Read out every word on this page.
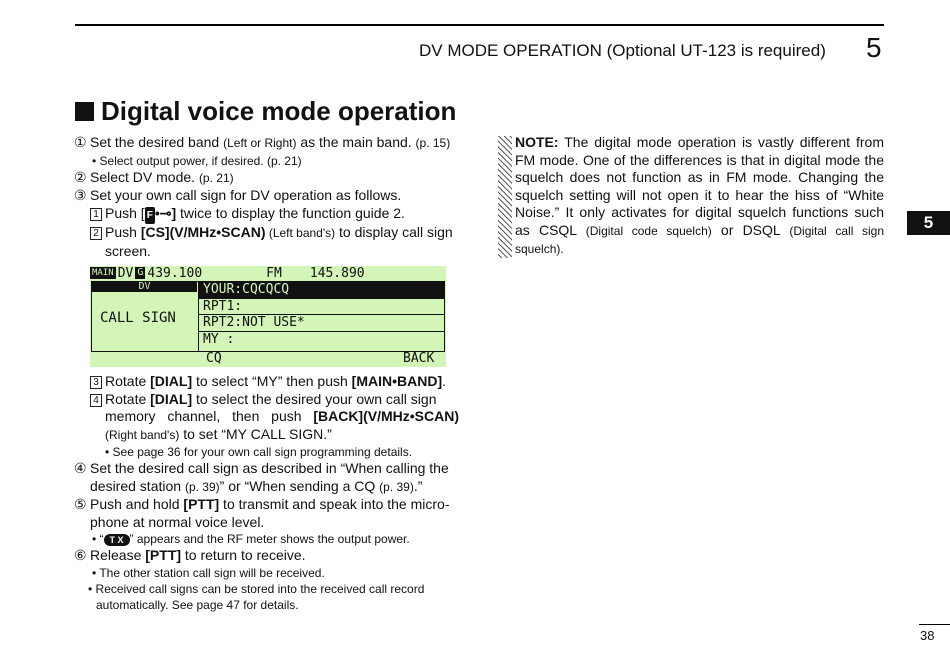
DV MODE OPERATION (Optional UT-123 is required) 5
Digital voice mode operation
5
① Set the desired band (Left or Right) as the main band. (p. 15)
• Select output power, if desired. (p. 21)
② Select DV mode. (p. 21)
③ Set your own call sign for DV operation as follows.
1 Push [ F •⊸] twice to display the function guide 2.
2 Push [CS](V/MHz•SCAN) (Left band's) to display call sign
screen.
MAIN DV G 439.100	FM 145.890
DV
CALL SIGN
YOUR:CQCQCQ
RPT1:
RPT2:NOT USE*
MY :
CQ	BACK
3 Rotate [DIAL] to select “MY” then push [MAIN•BAND].
4 Rotate [DIAL] to select the desired your own call sign
memory channel, then push [BACK](V/MHz•SCAN)
(Right band's) to set “MY CALL SIGN.”
• See page 36 for your own call sign programming details.
④ Set the desired call sign as described in “When calling the
desired station (p. 39)” or “When sending a CQ (p. 39).”
⑤ Push and hold [PTT] to transmit and speak into the micro-
phone at normal voice level.
• “ T X ” appears and the RF meter shows the output power.
⑥ Release [PTT] to return to receive.
• The other station call sign will be received.
• Received call signs can be stored into the received call record automatically. See page 47 for details.
NOTE: The digital mode operation is vastly different from FM mode. One of the differences is that in digital mode the squelch does not function as in FM mode. Changing the squelch setting will not open it to hear the hiss of “White Noise.” It only activates for digital squelch functions such as CSQL (Digital code squelch) or DSQL (Digital call sign squelch).
38
